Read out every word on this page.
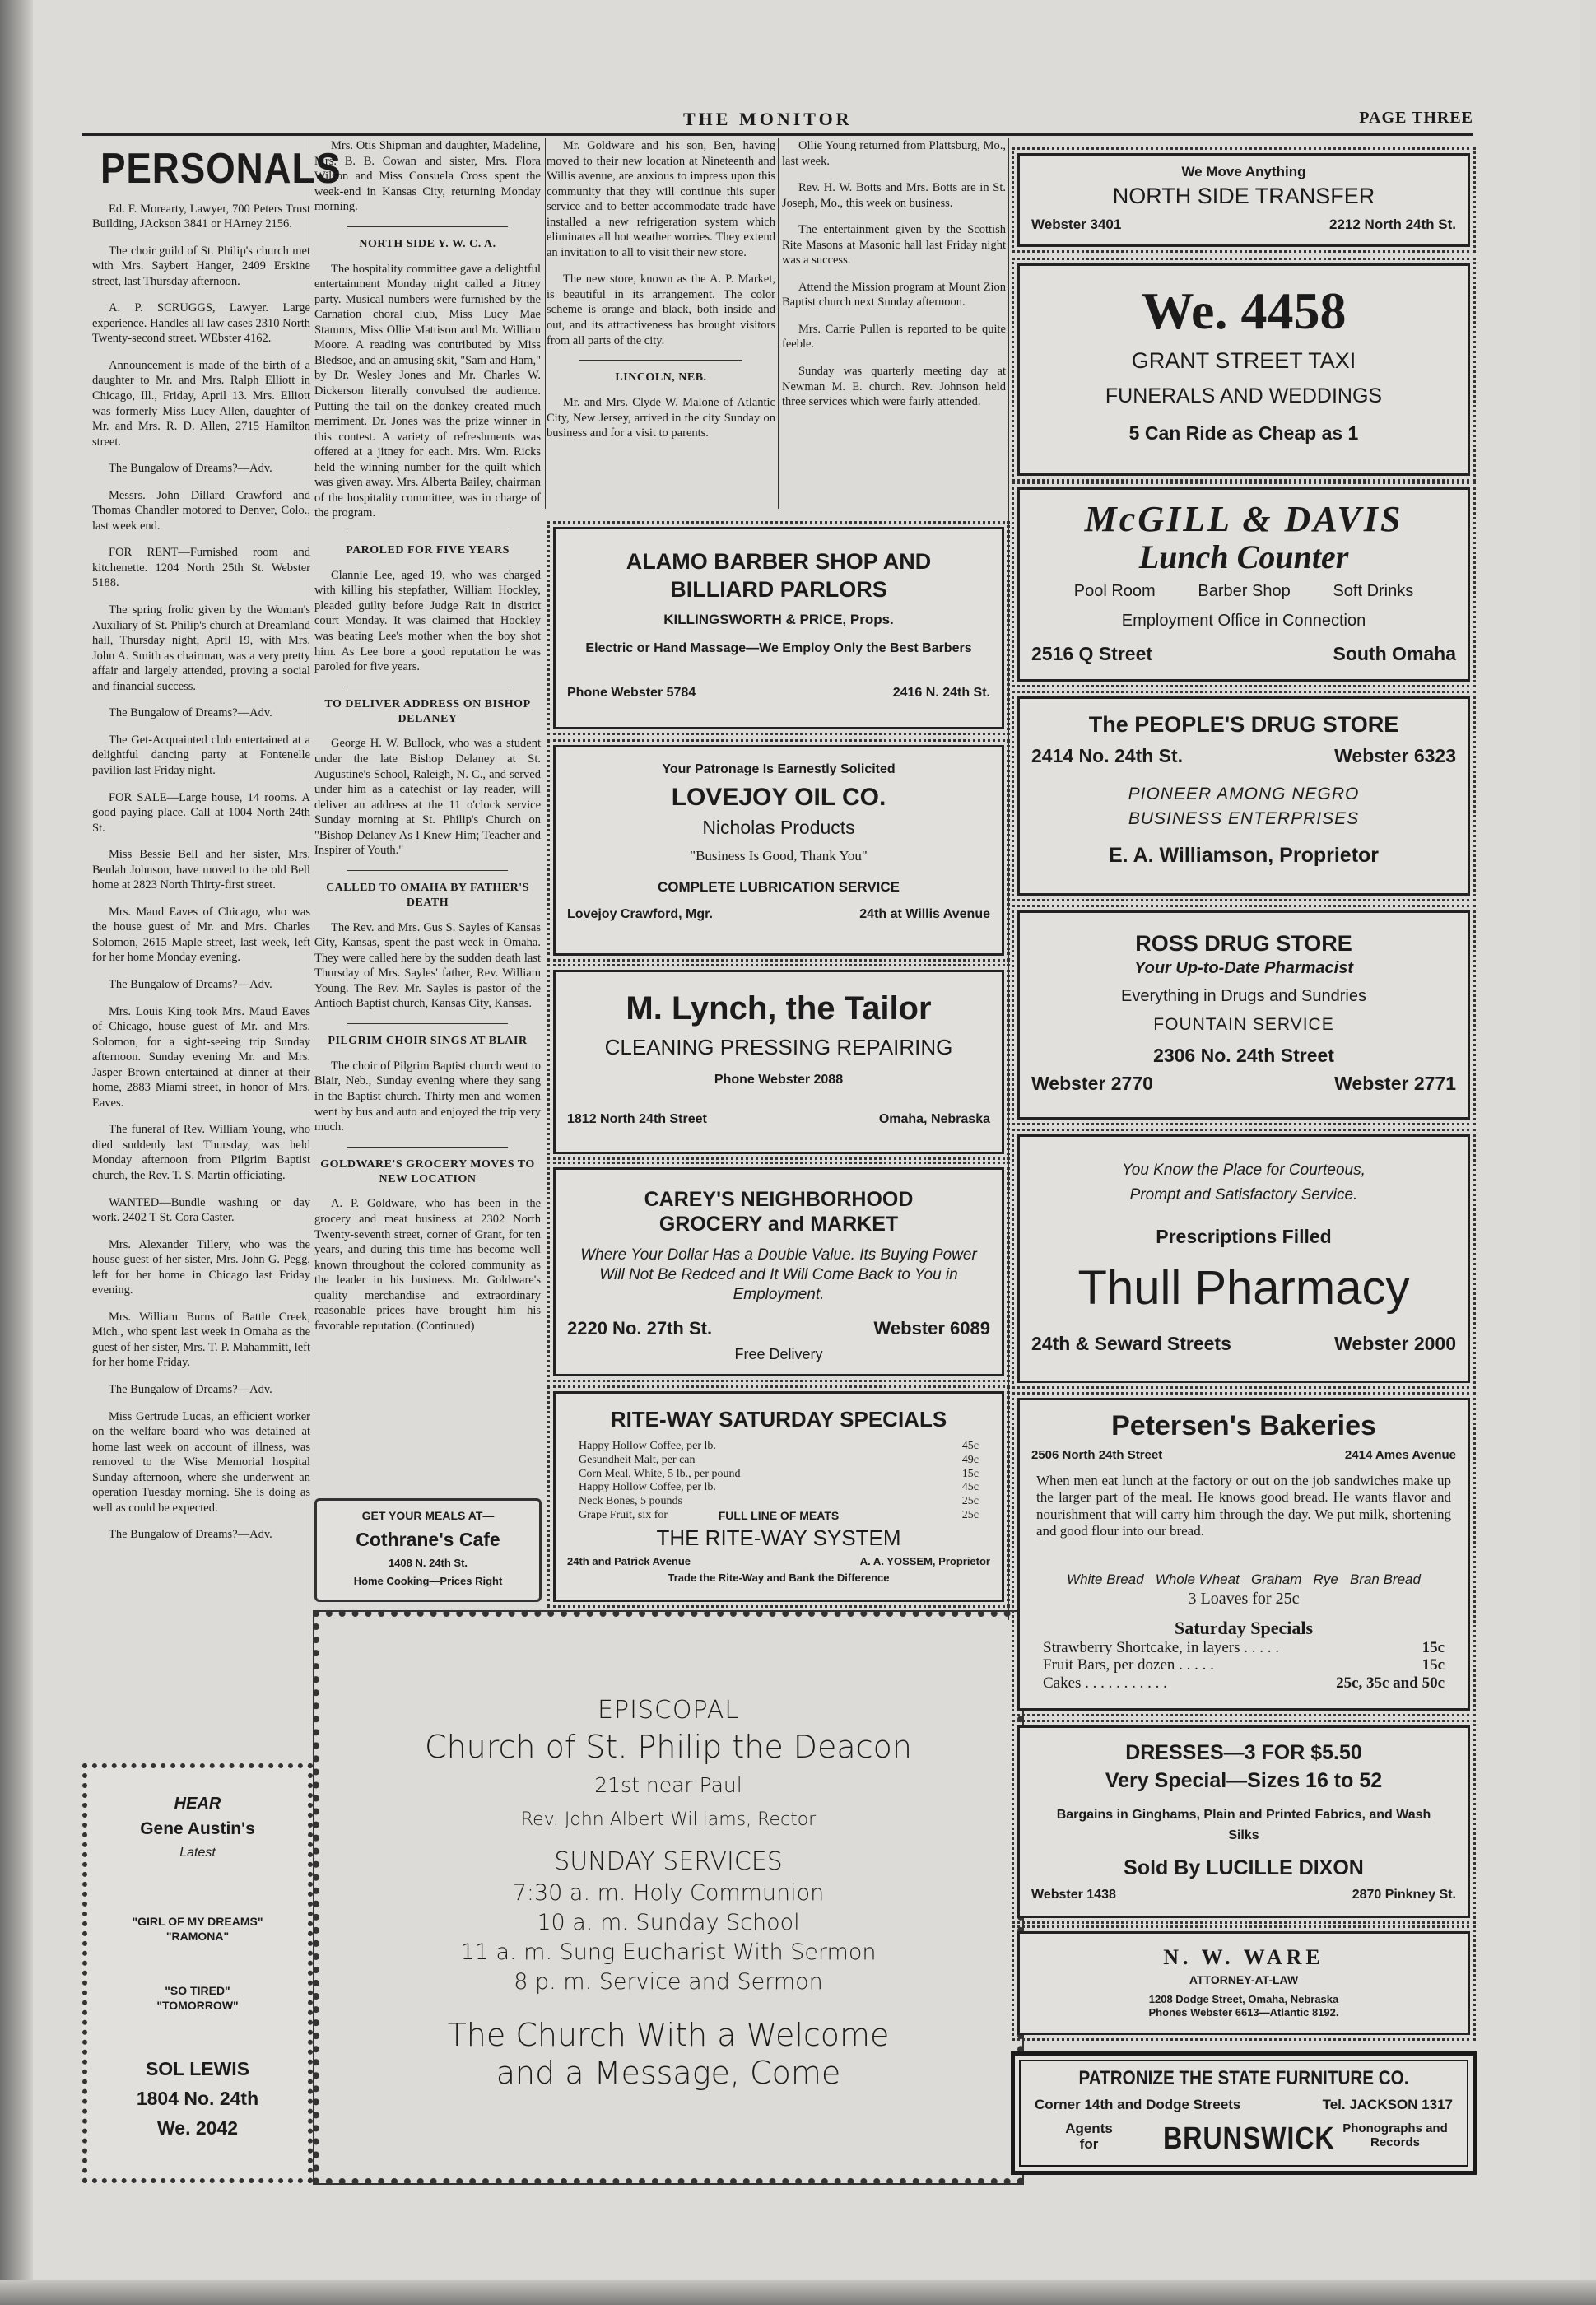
THE MONITOR	PAGE THREE
PERSONALS

Ed. F. Morearty, Lawyer, 700 Peters Trust Building, JAckson 3841 or HArney 2156.

The choir guild of St. Philip's church met with Mrs. Saybert Hanger, 2409 Erskine street, last Thursday afternoon.

A. P. SCRUGGS, Lawyer. Large experience. Handles all law cases 2310 North Twenty-second street. WEbster 4162.

Announcement is made of the birth of a daughter to Mr. and Mrs. Ralph Elliott in Chicago, Ill., Friday, April 13. Mrs. Elliott was formerly Miss Lucy Allen, daughter of Mr. and Mrs. R. D. Allen, 2715 Hamilton street.

The Bungalow of Dreams?—Adv.

Messrs. John Dillard Crawford and Thomas Chandler motored to Denver, Colo., last week end.

FOR RENT—Furnished room and kitchenette. 1204 North 25th St. Webster 5188.

The spring frolic given by the Woman's Auxiliary of St. Philip's church at Dreamland hall, Thursday night, April 19, with Mrs. John A. Smith as chairman, was a very pretty affair and largely attended, proving a social and financial success.

The Bungalow of Dreams?—Adv.

The Get-Acquainted club entertained at a delightful dancing party at Fontenelle pavilion last Friday night.

FOR SALE—Large house, 14 rooms. A good paying place. Call at 1004 North 24th St.

Miss Bessie Bell and her sister, Mrs. Beulah Johnson, have moved to the old Bell home at 2823 North Thirty-first street.

Mrs. Maud Eaves of Chicago, who was the house guest of Mr. and Mrs. Charles Solomon, 2615 Maple street, last week, left for her home Monday evening.

The Bungalow of Dreams?—Adv.

Mrs. Louis King took Mrs. Maud Eaves of Chicago, house guest of Mr. and Mrs. Solomon, for a sight-seeing trip Sunday afternoon. Sunday evening Mr. and Mrs. Jasper Brown entertained at dinner at their home, 2883 Miami street, in honor of Mrs. Eaves.

The funeral of Rev. William Young, who died suddenly last Thursday, was held Monday afternoon from Pilgrim Baptist church, the Rev. T. S. Martin officiating.

WANTED—Bundle washing or day work. 2402 T St. Cora Caster.

Mrs. Alexander Tillery, who was the house guest of her sister, Mrs. John G. Pegg, left for her home in Chicago last Friday evening.

Mrs. William Burns of Battle Creek, Mich., who spent last week in Omaha as the guest of her sister, Mrs. T. P. Mahammitt, left for her home Friday.

The Bungalow of Dreams?—Adv.

Miss Gertrude Lucas, an efficient worker on the welfare board who was detained at home last week on account of illness, was removed to the Wise Memorial hospital Sunday afternoon, where she underwent an operation Tuesday morning. She is doing as well as could be expected.

The Bungalow of Dreams?—Adv.

HEAR
Gene Austin's
Latest
"GIRL OF MY DREAMS"
"RAMONA"
"SO TIRED"
"TOMORROW"
SOL LEWIS
1804 No. 24th
We. 2042

Mrs. Otis Shipman and daughter, Madeline, Mrs. B. B. Cowan and sister, Mrs. Flora Wilson and Miss Consuela Cross spent the week-end in Kansas City, returning Monday morning.

NORTH SIDE Y. W. C. A.

The hospitality committee gave a delightful entertainment Monday night called a Jitney party. Musical numbers were furnished by the Carnation choral club, Miss Lucy Mae Stamms, Miss Ollie Mattison and Mr. William Moore. A reading was contributed by Miss Bledsoe, and an amusing skit, "Sam and Ham," by Dr. Wesley Jones and Mr. Charles W. Dickerson literally convulsed the audience. Putting the tail on the donkey created much merriment. Dr. Jones was the prize winner in this contest. A variety of refreshments was offered at a jitney for each. Mrs. Wm. Ricks held the winning number for the quilt which was given away. Mrs. Alberta Bailey, chairman of the hospitality committee, was in charge of the program.

PAROLED FOR FIVE YEARS

Clannie Lee, aged 19, who was charged with killing his stepfather, William Hockley, pleaded guilty before Judge Rait in district court Monday. It was claimed that Hockley was beating Lee's mother when the boy shot him. As Lee bore a good reputation he was paroled for five years.

TO DELIVER ADDRESS ON BISHOP DELANEY

George H. W. Bullock, who was a student under the late Bishop Delaney at St. Augustine's School, Raleigh, N. C., and served under him as a catechist or lay reader, will deliver an address at the 11 o'clock service Sunday morning at St. Philip's Church on "Bishop Delaney As I Knew Him; Teacher and Inspirer of Youth."

CALLED TO OMAHA BY FATHER'S DEATH

The Rev. and Mrs. Gus S. Sayles of Kansas City, Kansas, spent the past week in Omaha. They were called here by the sudden death last Thursday of Mrs. Sayles' father, Rev. William Young. The Rev. Mr. Sayles is pastor of the Antioch Baptist church, Kansas City, Kansas.

PILGRIM CHOIR SINGS AT BLAIR

The choir of Pilgrim Baptist church went to Blair, Neb., Sunday evening where they sang in the Baptist church. Thirty men and women went by bus and auto and enjoyed the trip very much.

GOLDWARE'S GROCERY MOVES TO NEW LOCATION

A. P. Goldware, who has been in the grocery and meat business at 2302 North Twenty-seventh street, corner of Grant, for ten years, and during this time has become well known throughout the colored community as the leader in his business. Mr. Goldware's quality merchandise and extraordinary reasonable prices have brought him his favorable reputation. (Continued)

GET YOUR MEALS AT—
Cothrane's Cafe
1408 N. 24th St.
Home Cooking—Prices Right

Mr. Goldware and his son, Ben, having moved to their new location at Nineteenth and Willis avenue, are anxious to impress upon this community that they will continue this super service and to better accommodate trade have installed a new refrigeration system which eliminates all hot weather worries. They extend an invitation to all to visit their new store.

The new store, known as the A. P. Market, is beautiful in its arrangement. The color scheme is orange and black, both inside and out, and its attractiveness has brought visitors from all parts of the city.

LINCOLN, NEB.

Mr. and Mrs. Clyde W. Malone of Atlantic City, New Jersey, arrived in the city Sunday on business and for a visit to parents.

Ollie Young returned from Plattsburg, Mo., last week.

Rev. H. W. Botts and Mrs. Botts are in St. Joseph, Mo., this week on business.

The entertainment given by the Scottish Rite Masons at Masonic hall last Friday night was a success.

Attend the Mission program at Mount Zion Baptist church next Sunday afternoon.

Mrs. Carrie Pullen is reported to be quite feeble.

Sunday was quarterly meeting day at Newman M. E. church. Rev. Johnson held three services which were fairly attended.

ALAMO BARBER SHOP AND
BILLIARD PARLORS
KILLINGSWORTH & PRICE, Props.
Electric or Hand Massage—We Employ Only the Best Barbers
Phone Webster 5784	2416 N. 24th St.
Your Patronage Is Earnestly Solicited
LOVEJOY OIL CO.
Nicholas Products
"Business Is Good, Thank You"
COMPLETE LUBRICATION SERVICE
Lovejoy Crawford, Mgr.	24th at Willis Avenue
M. Lynch, the Tailor
CLEANING PRESSING REPAIRING
Phone Webster 2088
1812 North 24th Street	Omaha, Nebraska
CAREY'S NEIGHBORHOOD
GROCERY and MARKET
Where Your Dollar Has a Double Value. Its Buying Power Will Not Be Redced and It Will Come Back to You in Employment.
2220 No. 27th St.	Webster 6089
Free Delivery
RITE-WAY SATURDAY SPECIALS
Happy Hollow Coffee, per lb.	45c
Gesundheit Malt, per can	49c
Corn Meal, White, 5 lb., per pound	15c
Happy Hollow Coffee, per lb.	45c
Neck Bones, 5 pounds	25c
Grape Fruit, six for	25c
FULL LINE OF MEATS
THE RITE-WAY SYSTEM
24th and Patrick Avenue	A. A. YOSSEM, Proprietor
Trade the Rite-Way and Bank the Difference
EPISCOPAL
Church of St. Philip the Deacon
21st near Paul
Rev. John Albert Williams, Rector
SUNDAY SERVICES
7:30 a. m. Holy Communion
10 a. m. Sunday School
11 a. m. Sung Eucharist With Sermon
8 p. m. Service and Sermon
The Church With a Welcome
and a Message, Come
We Move Anything
NORTH SIDE TRANSFER
Webster 3401	2212 North 24th St.
We. 4458
GRANT STREET TAXI
FUNERALS AND WEDDINGS
5 Can Ride as Cheap as 1
McGILL & DAVIS
Lunch Counter
Pool Room	Barber Shop	Soft Drinks
Employment Office in Connection
2516 Q Street	South Omaha
The PEOPLE'S DRUG STORE
2414 No. 24th St.	Webster 6323
PIONEER AMONG NEGRO
BUSINESS ENTERPRISES
E. A. Williamson, Proprietor
ROSS DRUG STORE
Your Up-to-Date Pharmacist
Everything in Drugs and Sundries
FOUNTAIN SERVICE
2306 No. 24th Street
Webster 2770	Webster 2771
You Know the Place for Courteous,
Prompt and Satisfactory Service.
Prescriptions Filled
Thull Pharmacy
24th & Seward Streets	Webster 2000
Petersen's Bakeries
2506 North 24th Street	2414 Ames Avenue
When men eat lunch at the factory or out on the job sandwiches make up the larger part of the meal. He knows good bread. He wants flavor and nourishment that will carry him through the day. We put milk, shortening and good flour into our bread.
White Bread   Whole Wheat   Graham   Rye   Bran Bread
3 Loaves for 25c
Saturday Specials
Strawberry Shortcake, in layers . . . . .	15c
Fruit Bars, per dozen . . . . .	15c
Cakes . . . . . . . . . . .	25c, 35c and 50c
DRESSES—3 FOR $5.50
Very Special—Sizes 16 to 52
Bargains in Ginghams, Plain and Printed Fabrics, and Wash Silks
Sold By LUCILLE DIXON
Webster 1438	2870 Pinkney St.
N. W. WARE
ATTORNEY-AT-LAW
1208 Dodge Street, Omaha, Nebraska
Phones Webster 6613—Atlantic 8192.
PATRONIZE THE STATE FURNITURE CO.
Corner 14th and Dodge Streets	Tel. JACKSON 1317
Agents for	BRUNSWICK Phonographs and Records
